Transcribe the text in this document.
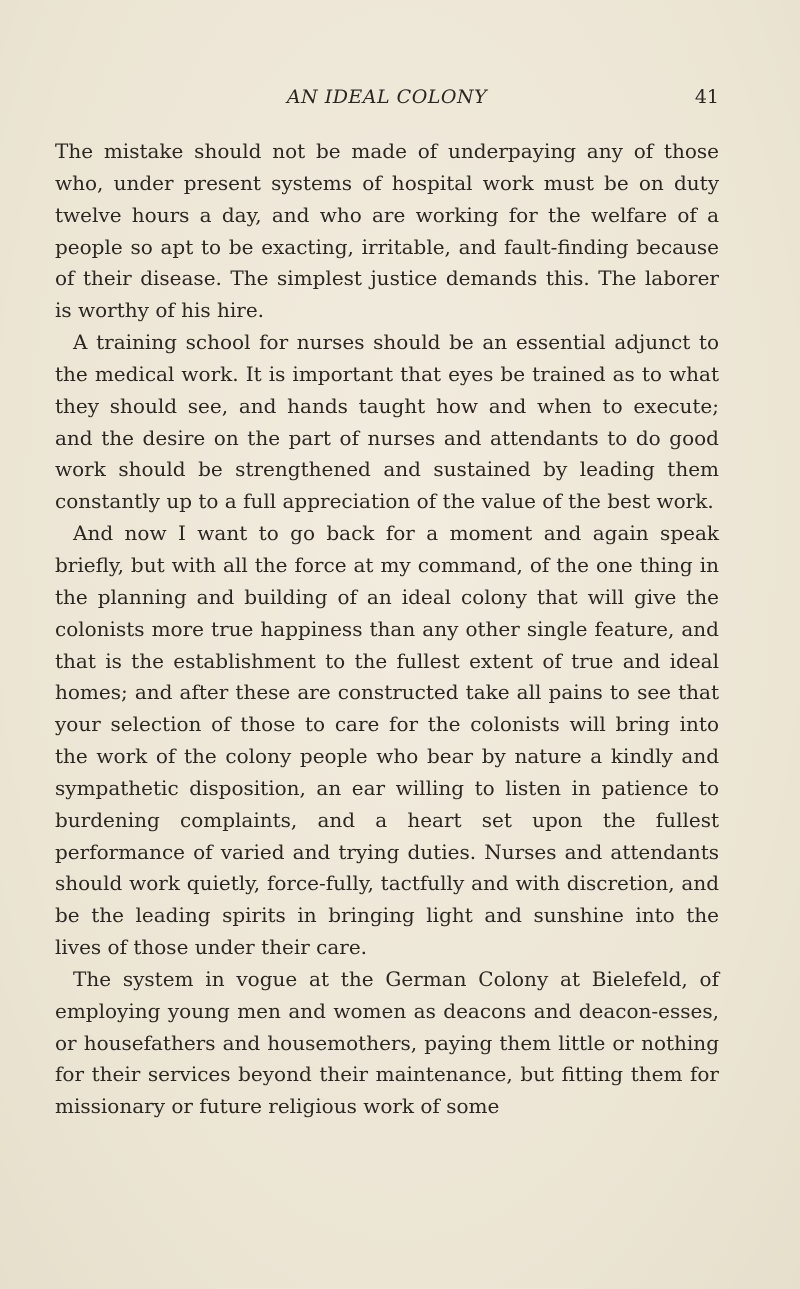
AN IDEAL COLONY	41

The mistake should not be made of underpaying any of those who, under present systems of hospital work must be on duty twelve hours a day, and who are working for the welfare of a people so apt to be exacting, irritable, and fault-finding because of their disease. The simplest justice demands this. The laborer is worthy of his hire.

A training school for nurses should be an essential adjunct to the medical work. It is important that eyes be trained as to what they should see, and hands taught how and when to execute; and the desire on the part of nurses and attendants to do good work should be strengthened and sustained by leading them constantly up to a full appreciation of the value of the best work.

And now I want to go back for a moment and again speak briefly, but with all the force at my command, of the one thing in the planning and building of an ideal colony that will give the colonists more true happiness than any other single feature, and that is the establishment to the fullest extent of true and ideal homes; and after these are constructed take all pains to see that your selection of those to care for the colonists will bring into the work of the colony people who bear by nature a kindly and sympathetic disposition, an ear willing to listen in patience to burdening complaints, and a heart set upon the fullest performance of varied and trying duties. Nurses and attendants should work quietly, force-fully, tactfully and with discretion, and be the leading spirits in bringing light and sunshine into the lives of those under their care.

The system in vogue at the German Colony at Bielefeld, of employing young men and women as deacons and deacon-esses, or housefathers and housemothers, paying them little or nothing for their services beyond their maintenance, but fitting them for missionary or future religious work of some
